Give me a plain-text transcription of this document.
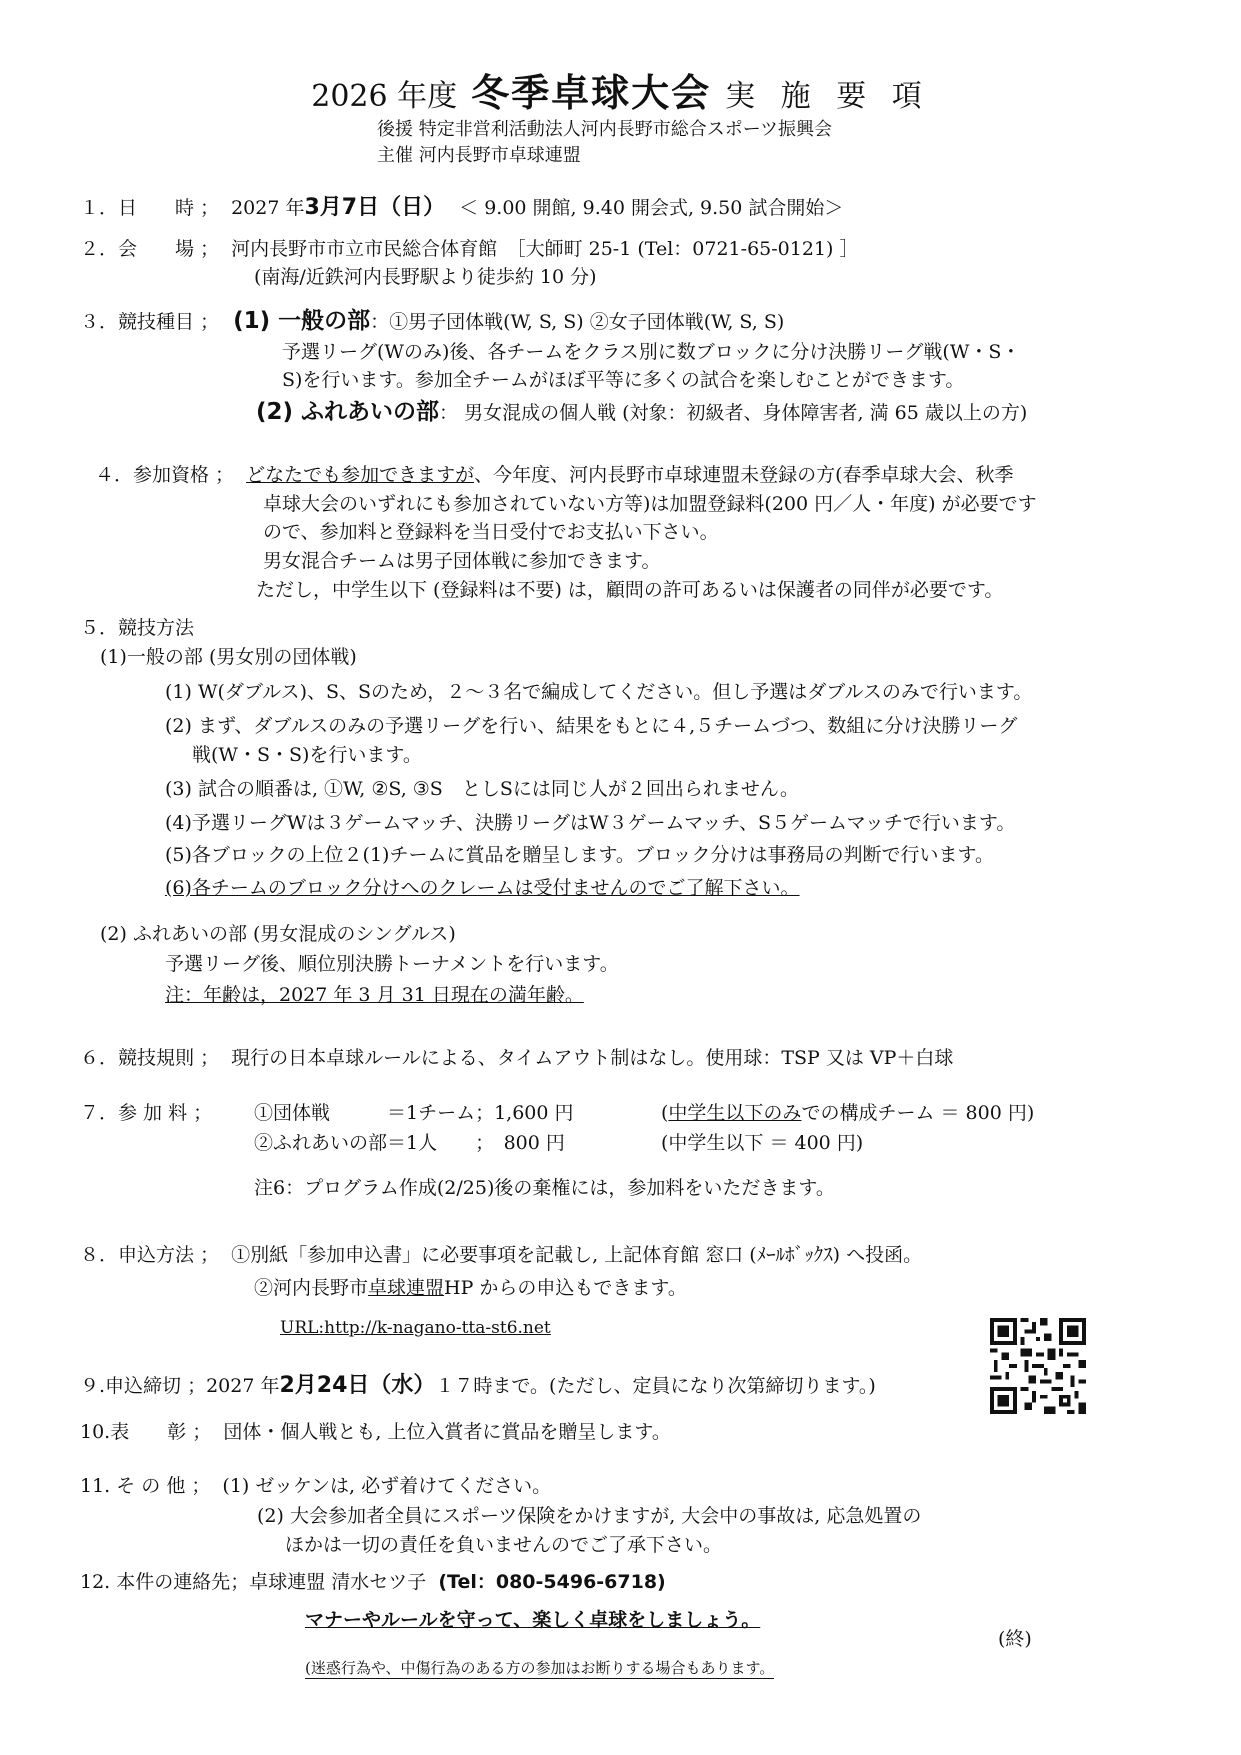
2026 年度 冬季卓球大会 実 施 要 項
後援 特定非営利活動法人河内長野市総合スポーツ振興会
主催 河内長野市卓球連盟
１．日　　時 ； 2027 年3月7日（日） ＜ 9.00 開館, 9.40 開会式, 9.50 試合開始＞
２．会　　場 ； 河内長野市市立市民総合体育館　［大師町 25-1 (Tel：0721-65-0121) ］
(南海/近鉄河内長野駅より徒歩約 10 分)
３．競技種目 ； (1) 一般の部：①男子団体戦(W, S, S) ②女子団体戦(W, S, S)
予選リーグ(Wのみ)後、各チームをクラス別に数ブロックに分け決勝リーグ戦(W・S・
S)を行います。参加全チームがほぼ平等に多くの試合を楽しむことができます。
(2) ふれあいの部： 男女混成の個人戦 (対象：初級者、身体障害者, 満 65 歳以上の方)
４．参加資格 ； どなたでも参加できますが、今年度、河内長野市卓球連盟未登録の方(春季卓球大会、秋季
卓球大会のいずれにも参加されていない方等)は加盟登録料(200 円／人・年度) が必要です
ので、参加料と登録料を当日受付でお支払い下さい。
男女混合チームは男子団体戦に参加できます。
ただし，中学生以下 (登録料は不要) は，顧問の許可あるいは保護者の同伴が必要です。
５．競技方法
(1)一般の部 (男女別の団体戦)
(1) W(ダブルス)、S、Sのため，２～３名で編成してください。但し予選はダブルスのみで行います。
(2) まず、ダブルスのみの予選リーグを行い、結果をもとに４,５チームづつ、数組に分け決勝リーグ
戦(W・S・S)を行います。
(3) 試合の順番は, ①W, ②S, ③S　としSには同じ人が２回出られません。
(4)予選リーグWは３ゲームマッチ、決勝リーグはW３ゲームマッチ、S５ゲームマッチで行います。
(5)各ブロックの上位２(1)チームに賞品を贈呈します。ブロック分けは事務局の判断で行います。
(6)各チームのブロック分けへのクレームは受付ませんのでご了解下さい。
(2) ふれあいの部 (男女混成のシングルス)
予選リーグ後、順位別決勝トーナメントを行います。
注：年齢は，2027 年 3 月 31 日現在の満年齢。
６．競技規則 ； 現行の日本卓球ルールによる、タイムアウト制はなし。使用球：TSP 又は VP＋白球
７．参 加 料 ； ①団体戦　　　＝1チーム；1,600 円	(中学生以下のみでの構成チーム ＝ 800 円)
②ふれあいの部＝1人　　；　800 円	(中学生以下 ＝ 400 円)
注6：プログラム作成(2/25)後の棄権には，参加料をいただきます。
８．申込方法 ； ①別紙「参加申込書」に必要事項を記載し, 上記体育館 窓口 (ﾒｰﾙﾎﾞｯｸｽ) へ投函。
②河内長野市卓球連盟HP からの申込もできます。
URL:http://k-nagano-tta-st6.net
９.申込締切 ；2027 年2月24日（水）１７時まで。(ただし、定員になり次第締切ります。)
10.表　　彰 ； 団体・個人戦とも, 上位入賞者に賞品を贈呈します。
11. そ の 他 ； (1) ゼッケンは, 必ず着けてください。
(2) 大会参加者全員にスポーツ保険をかけますが, 大会中の事故は, 応急処置の
ほかは一切の責任を負いませんのでご了承下さい。
12. 本件の連絡先；卓球連盟 清水セツ子 (Tel：080-5496-6718)
マナーやルールを守って、楽しく卓球をしましょう。
(迷惑行為や、中傷行為のある方の参加はお断りする場合もあります。
(終)
